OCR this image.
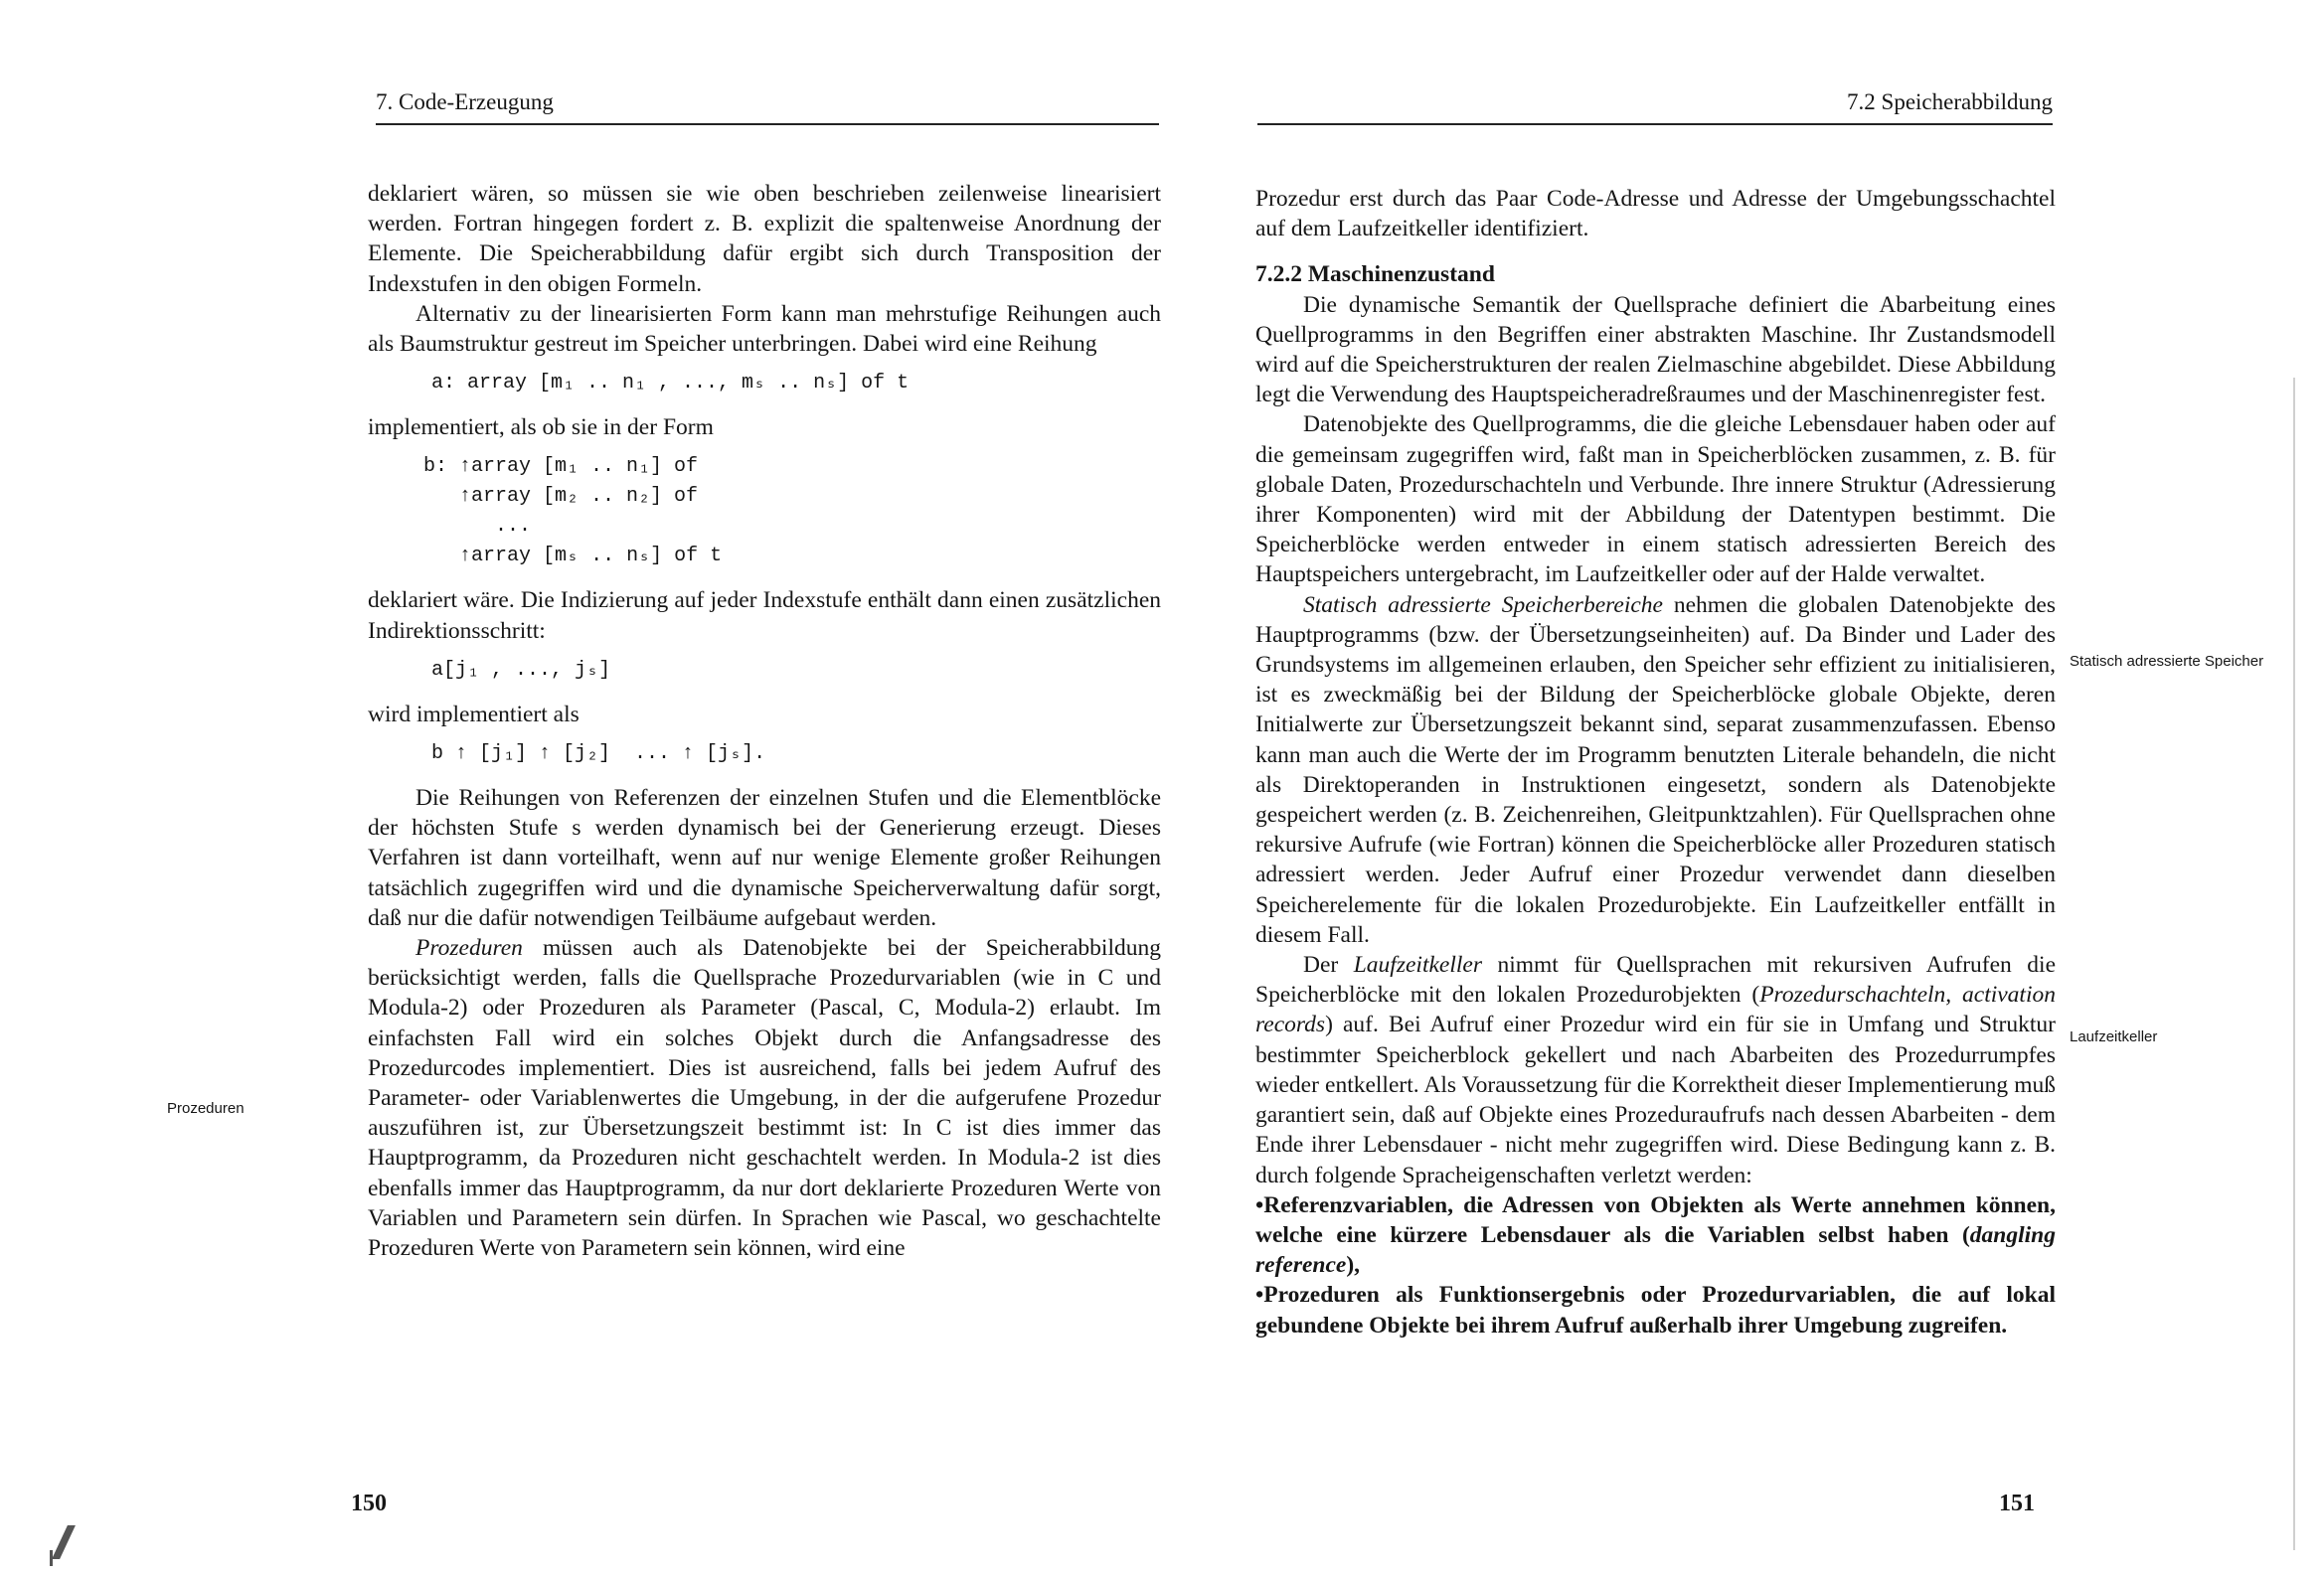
7. Code-Erzeugung

deklariert wären, so müssen sie wie oben beschrieben zeilenweise linearisiert werden. Fortran hingegen fordert z. B. explizit die spaltenweise Anordnung der Elemente. Die Speicherabbildung dafür ergibt sich durch Transposition der Indexstufen in den obigen Formeln.

Alternativ zu der linearisierten Form kann man mehrstufige Reihungen auch als Baumstruktur gestreut im Speicher unterbringen. Dabei wird eine Reihung

a: array [m₁ .. n₁ , ..., mₛ .. nₛ] of t

implementiert, als ob sie in der Form

b: ↑array [m₁ .. n₁] of
↑array [m₂ .. n₂] of
...
↑array [mₛ .. nₛ] of t

deklariert wäre. Die Indizierung auf jeder Indexstufe enthält dann einen zusätzlichen Indirektionsschritt:

a[j₁ , ..., jₛ]

wird implementiert als

b ↑ [j₁] ↑ [j₂]  ... ↑ [jₛ].

Die Reihungen von Referenzen der einzelnen Stufen und die Elementblöcke der höchsten Stufe s werden dynamisch bei der Generierung erzeugt. Dieses Verfahren ist dann vorteilhaft, wenn auf nur wenige Elemente großer Reihungen tatsächlich zugegriffen wird und die dynamische Speicherverwaltung dafür sorgt, daß nur die dafür notwendigen Teilbäume aufgebaut werden.

Prozeduren müssen auch als Datenobjekte bei der Speicherabbildung berücksichtigt werden, falls die Quellsprache Prozedurvariablen (wie in C und Modula-2) oder Prozeduren als Parameter (Pascal, C, Modula-2) erlaubt. Im einfachsten Fall wird ein solches Objekt durch die Anfangsadresse des Prozedurcodes implementiert. Dies ist ausreichend, falls bei jedem Aufruf des Parameter- oder Variablenwertes die Umgebung, in der die aufgerufene Prozedur auszuführen ist, zur Übersetzungszeit bestimmt ist: In C ist dies immer das Hauptprogramm, da Prozeduren nicht geschachtelt werden. In Modula-2 ist dies ebenfalls immer das Hauptprogramm, da nur dort deklarierte Prozeduren Werte von Variablen und Parametern sein dürfen. In Sprachen wie Pascal, wo geschachtelte Prozeduren Werte von Parametern sein können, wird eine

Prozeduren
150
7.2 Speicherabbildung

Prozedur erst durch das Paar Code-Adresse und Adresse der Umgebungsschachtel auf dem Laufzeitkeller identifiziert.

7.2.2 Maschinenzustand

Die dynamische Semantik der Quellsprache definiert die Abarbeitung eines Quellprogramms in den Begriffen einer abstrakten Maschine. Ihr Zustandsmodell wird auf die Speicherstrukturen der realen Zielmaschine abgebildet. Diese Abbildung legt die Verwendung des Hauptspeicheradreßraumes und der Maschinenregister fest.

Datenobjekte des Quellprogramms, die die gleiche Lebensdauer haben oder auf die gemeinsam zugegriffen wird, faßt man in Speicherblöcken zusammen, z. B. für globale Daten, Prozedurschachteln und Verbunde. Ihre innere Struktur (Adressierung ihrer Komponenten) wird mit der Abbildung der Datentypen bestimmt. Die Speicherblöcke werden entweder in einem statisch adressierten Bereich des Hauptspeichers untergebracht, im Laufzeitkeller oder auf der Halde verwaltet.

Statisch adressierte Speicherbereiche nehmen die globalen Datenobjekte des Hauptprogramms (bzw. der Übersetzungseinheiten) auf. Da Binder und Lader des Grundsystems im allgemeinen erlauben, den Speicher sehr effizient zu initialisieren, ist es zweckmäßig bei der Bildung der Speicherblöcke globale Objekte, deren Initialwerte zur Übersetzungszeit bekannt sind, separat zusammenzufassen. Ebenso kann man auch die Werte der im Programm benutzten Literale behandeln, die nicht als Direktoperanden in Instruktionen eingesetzt, sondern als Datenobjekte gespeichert werden (z. B. Zeichenreihen, Gleitpunktzahlen). Für Quellsprachen ohne rekursive Aufrufe (wie Fortran) können die Speicherblöcke aller Prozeduren statisch adressiert werden. Jeder Aufruf einer Prozedur verwendet dann dieselben Speicherelemente für die lokalen Prozedurobjekte. Ein Laufzeitkeller entfällt in diesem Fall.

Der Laufzeitkeller nimmt für Quellsprachen mit rekursiven Aufrufen die Speicherblöcke mit den lokalen Prozedurobjekten (Prozedurschachteln, activation records) auf. Bei Aufruf einer Prozedur wird ein für sie in Umfang und Struktur bestimmter Speicherblock gekellert und nach Abarbeiten des Prozedurrumpfes wieder entkellert. Als Voraussetzung für die Korrektheit dieser Implementierung muß garantiert sein, daß auf Objekte eines Prozeduraufrufs nach dessen Abarbeiten - dem Ende ihrer Lebensdauer - nicht mehr zugegriffen wird. Diese Bedingung kann z. B. durch folgende Spracheigenschaften verletzt werden:

•Referenzvariablen, die Adressen von Objekten als Werte annehmen können, welche eine kürzere Lebensdauer als die Variablen selbst haben (dangling reference),

•Prozeduren als Funktionsergebnis oder Prozedurvariablen, die auf lokal gebundene Objekte bei ihrem Aufruf außerhalb ihrer Umgebung zugreifen.

Statisch adressierte Speicher
Laufzeitkeller
151
